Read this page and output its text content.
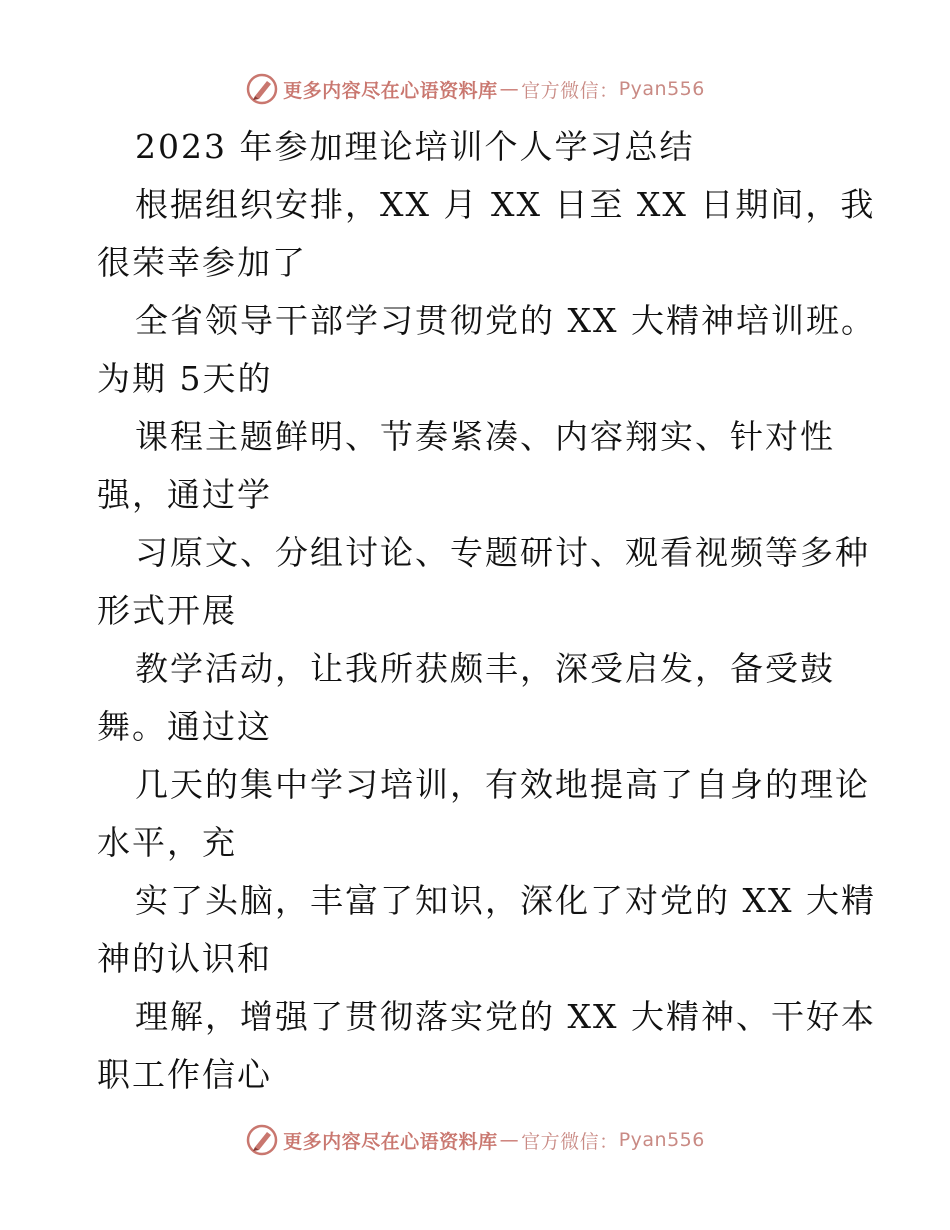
更多内容尽在心语资料库 — 官方微信： Pyan556
2023 年参加理论培训个人学习总结
根据组织安排，XX 月 XX 日至 XX 日期间，我
很荣幸参加了
全省领导干部学习贯彻党的 XX 大精神培训班。
为期 5天的
课程主题鲜明、节奏紧凑、内容翔实、针对性
强，通过学
习原文、分组讨论、专题研讨、观看视频等多种
形式开展
教学活动，让我所获颇丰，深受启发，备受鼓
舞。通过这
几天的集中学习培训，有效地提高了自身的理论
水平，充
实了头脑，丰富了知识，深化了对党的 XX 大精
神的认识和
理解，增强了贯彻落实党的 XX 大精神、干好本
职工作信心
更多内容尽在心语资料库 — 官方微信： Pyan556
